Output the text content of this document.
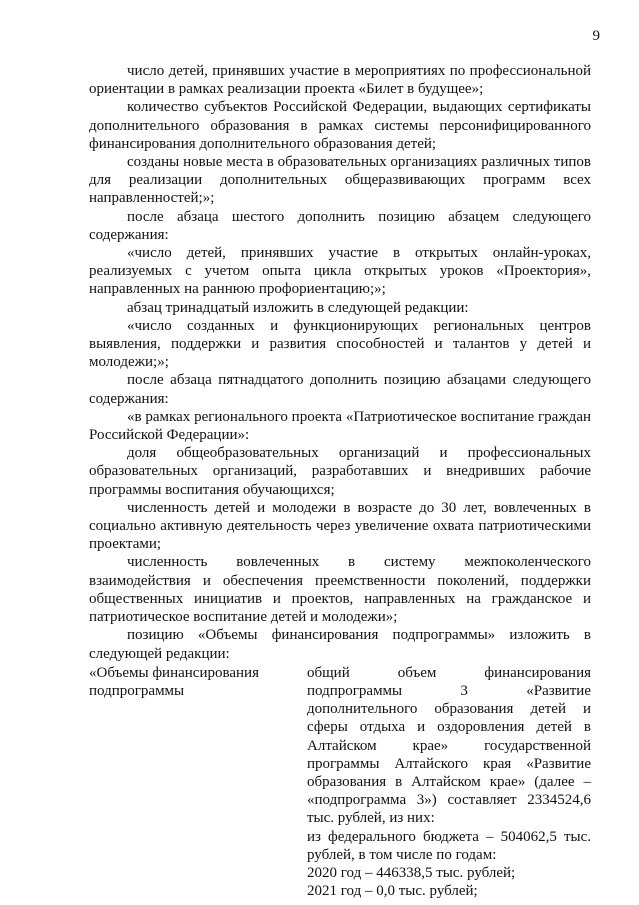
9

число детей, принявших участие в мероприятиях по профессиональной ориентации в рамках реализации проекта «Билет в будущее»;

количество субъектов Российской Федерации, выдающих сертификаты дополнительного образования в рамках системы персонифицированного финансирования дополнительного образования детей;

созданы новые места в образовательных организациях различных типов для реализации дополнительных общеразвивающих программ всех направленностей;»;

после абзаца шестого дополнить позицию абзацем следующего содержания:

«число детей, принявших участие в открытых онлайн-уроках, реализуемых с учетом опыта цикла открытых уроков «Проектория», направленных на раннюю профориентацию;»;

абзац тринадцатый изложить в следующей редакции:

«число созданных и функционирующих региональных центров выявления, поддержки и развития способностей и талантов у детей и молодежи;»;

после абзаца пятнадцатого дополнить позицию абзацами следующего содержания:

«в рамках регионального проекта «Патриотическое воспитание граждан Российской Федерации»:

доля общеобразовательных организаций и профессиональных образовательных организаций, разработавших и внедривших рабочие программы воспитания обучающихся;

численность детей и молодежи в возрасте до 30 лет, вовлеченных в социально активную деятельность через увеличение охвата патриотическими проектами;

численность вовлеченных в систему межпоколенческого взаимодействия и обеспечения преемственности поколений, поддержки общественных инициатив и проектов, направленных на гражданское и патриотическое воспитание детей и молодежи»;

позицию «Объемы финансирования подпрограммы» изложить в следующей редакции:

«Объемы финансирования подпрограммы

общий объем финансирования подпрограммы 3 «Развитие дополнительного образования детей и сферы отдыха и оздоровления детей в Алтайском крае» государственной программы Алтайского края «Развитие образования в Алтайском крае» (далее – «подпрограмма 3») составляет 2334524,6 тыс. рублей, из них:

из федерального бюджета – 504062,5 тыс. рублей, в том числе по годам:

2020 год – 446338,5 тыс. рублей;

2021 год – 0,0 тыс. рублей;
